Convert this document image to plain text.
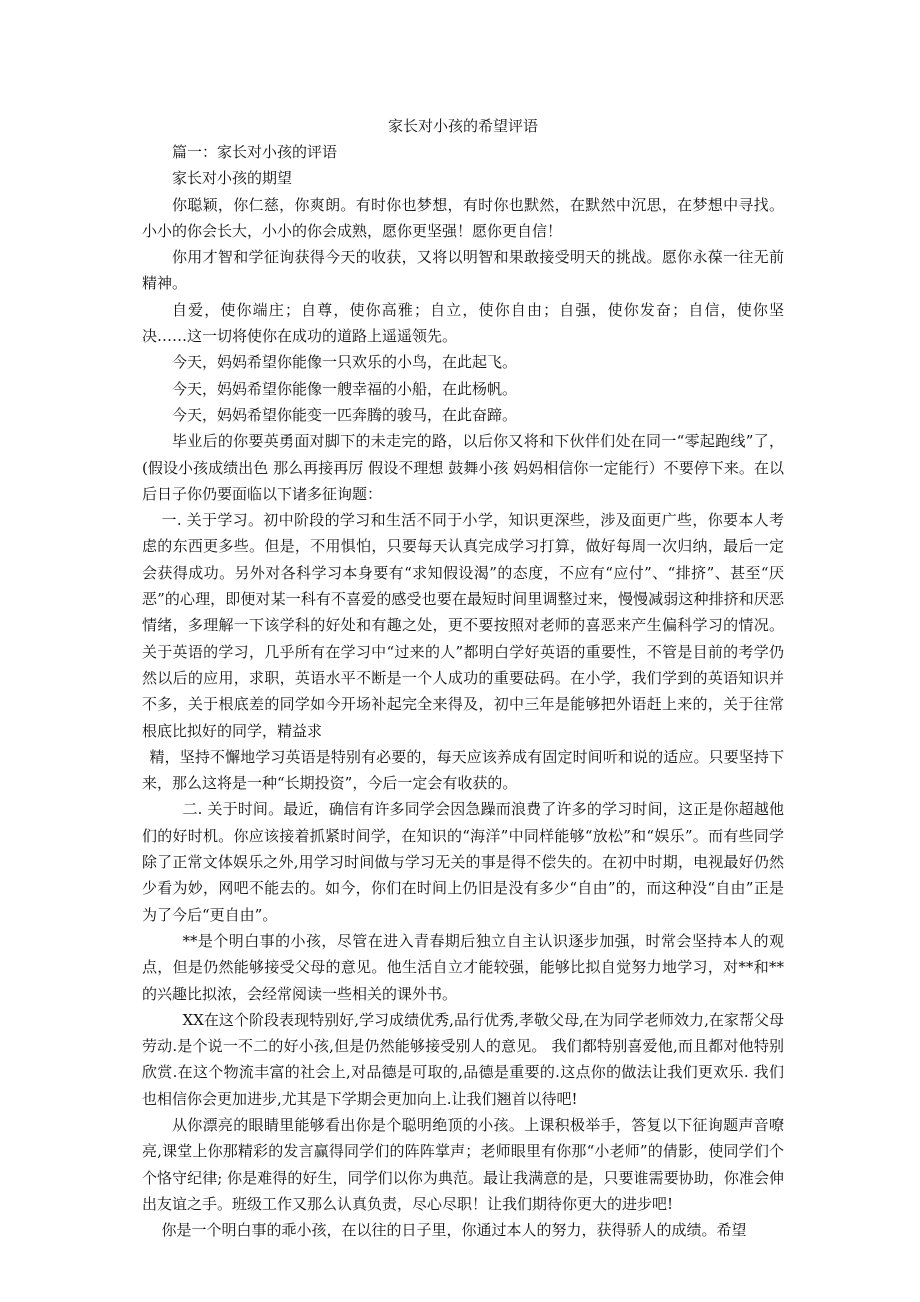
家长对小孩的希望评语

篇一：家长对小孩的评语

家长对小孩的期望

你聪颖，你仁慈，你爽朗。有时你也梦想，有时你也默然，在默然中沉思，在梦想中寻找。小小的你会长大，小小的你会成熟，愿你更坚强！愿你更自信！

你用才智和学征询获得今天的收获，又将以明智和果敢接受明天的挑战。愿你永葆一往无前精神。

自爱，使你端庄；自尊，使你高雅；自立，使你自由；自强，使你发奋；自信，使你坚决……这一切将使你在成功的道路上遥遥领先。

今天，妈妈希望你能像一只欢乐的小鸟，在此起飞。

今天，妈妈希望你能像一艘幸福的小船，在此杨帆。

今天，妈妈希望你能变一匹奔腾的骏马，在此奋蹄。

毕业后的你要英勇面对脚下的未走完的路，以后你又将和下伙伴们处在同一“零起跑线”了，(假设小孩成绩出色 那么再接再厉 假设不理想 鼓舞小孩 妈妈相信你一定能行）不要停下来。在以后日子你仍要面临以下诸多征询题：

一. 关于学习。初中阶段的学习和生活不同于小学，知识更深些，涉及面更广些，你要本人考虑的东西更多些。但是，不用惧怕，只要每天认真完成学习打算，做好每周一次归纳，最后一定会获得成功。另外对各科学习本身要有“求知假设渴”的态度，不应有“应付”、“排挤”、甚至“厌恶”的心理，即便对某一科有不喜爱的感受也要在最短时间里调整过来，慢慢减弱这种排挤和厌恶情绪，多理解一下该学科的好处和有趣之处，更不要按照对老师的喜恶来产生偏科学习的情况。关于英语的学习，几乎所有在学习中“过来的人”都明白学好英语的重要性，不管是目前的考学仍然以后的应用，求职，英语水平不断是一个人成功的重要砝码。在小学，我们学到的英语知识并不多，关于根底差的同学如今开场补起完全来得及，初中三年是能够把外语赶上来的，关于往常根底比拟好的同学，精益求

精，坚持不懈地学习英语是特别有必要的，每天应该养成有固定时间听和说的适应。只要坚持下来，那么这将是一种“长期投资”，今后一定会有收获的。

二. 关于时间。最近，确信有许多同学会因急躁而浪费了许多的学习时间，这正是你超越他们的好时机。你应该接着抓紧时间学，在知识的“海洋”中同样能够“放松”和“娱乐”。而有些同学除了正常文体娱乐之外,用学习时间做与学习无关的事是得不偿失的。在初中时期，电视最好仍然少看为妙，网吧不能去的。如今，你们在时间上仍旧是没有多少“自由”的，而这种没“自由”正是为了今后“更自由”。

**是个明白事的小孩，尽管在进入青春期后独立自主认识逐步加强，时常会坚持本人的观点，但是仍然能够接受父母的意见。他生活自立才能较强，能够比拟自觉努力地学习，对**和**的兴趣比拟浓，会经常阅读一些相关的课外书。

XX在这个阶段表现特别好,学习成绩优秀,品行优秀,孝敬父母,在为同学老师效力,在家帮父母劳动.是个说一不二的好小孩,但是仍然能够接受别人的意见。 我们都特别喜爱他,而且都对他特别欣赏.在这个物流丰富的社会上,对品德是可取的,品德是重要的.这点你的做法让我们更欢乐. 我们也相信你会更加进步,尤其是下学期会更加向上.让我们翘首以待吧!

从你漂亮的眼睛里能够看出你是个聪明绝顶的小孩。上课积极举手，答复以下征询题声音嘹亮,课堂上你那精彩的发言赢得同学们的阵阵掌声；老师眼里有你那“小老师”的倩影，使同学们个个恪守纪律; 你是难得的好生，同学们以你为典范。最让我满意的是，只要谁需要协助，你准会伸出友谊之手。班级工作又那么认真负责，尽心尽职！让我们期待你更大的进步吧!

你是一个明白事的乖小孩，在以往的日子里，你通过本人的努力，获得骄人的成绩。希望
